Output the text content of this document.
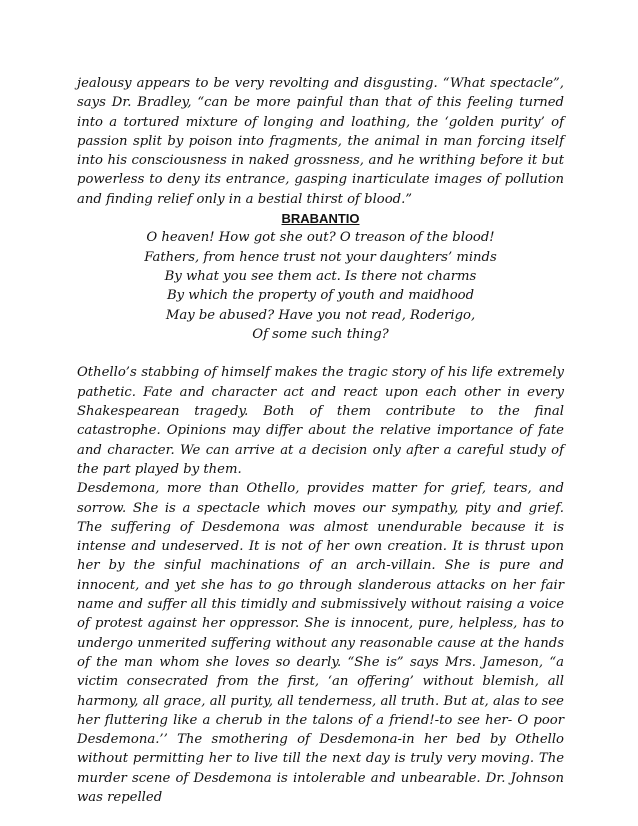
jealousy appears to be very revolting and disgusting. “What spectacle”, says Dr. Bradley, “can be more painful than that of this feeling turned into a tortured mixture of longing and loathing, the ‘golden purity’ of passion split by poison into fragments, the animal in man forcing itself into his consciousness in naked grossness, and he writhing before it but powerless to deny its entrance, gasping inarticulate images of pollution and finding relief only in a bestial thirst of blood.”

BRABANTIO

O heaven! How got she out? O treason of the blood!
Fathers, from hence trust not your daughters’ minds
By what you see them act. Is there not charms
By which the property of youth and maidhood
May be abused? Have you not read, Roderigo,
Of some such thing?

Othello’s stabbing of himself makes the tragic story of his life extremely pathetic. Fate and character act and react upon each other in every Shakespearean tragedy. Both of them contribute to the final catastrophe. Opinions may differ about the relative importance of fate and character. We can arrive at a decision only after a careful study of the part played by them.

Desdemona, more than Othello, provides matter for grief, tears, and sorrow. She is a spectacle which moves our sympathy, pity and grief. The suffering of Desdemona was almost unendurable because it is intense and undeserved. It is not of her own creation. It is thrust upon her by the sinful machinations of an arch-villain. She is pure and innocent, and yet she has to go through slanderous attacks on her fair name and suffer all this timidly and submissively without raising a voice of protest against her oppressor. She is innocent, pure, helpless, has to undergo unmerited suffering without any reasonable cause at the hands of the man whom she loves so dearly. “She is” says Mrs. Jameson, “a victim consecrated from the first, ‘an offering’ without blemish, all harmony, all grace, all purity, all tenderness, all truth. But at, alas to see her fluttering like a cherub in the talons of a friend!-to see her- O poor Desdemona.’’ The smothering of Desdemona-in her bed by Othello without permitting her to live till the next day is truly very moving. The murder scene of Desdemona is intolerable and unbearable. Dr. Johnson was repelled
